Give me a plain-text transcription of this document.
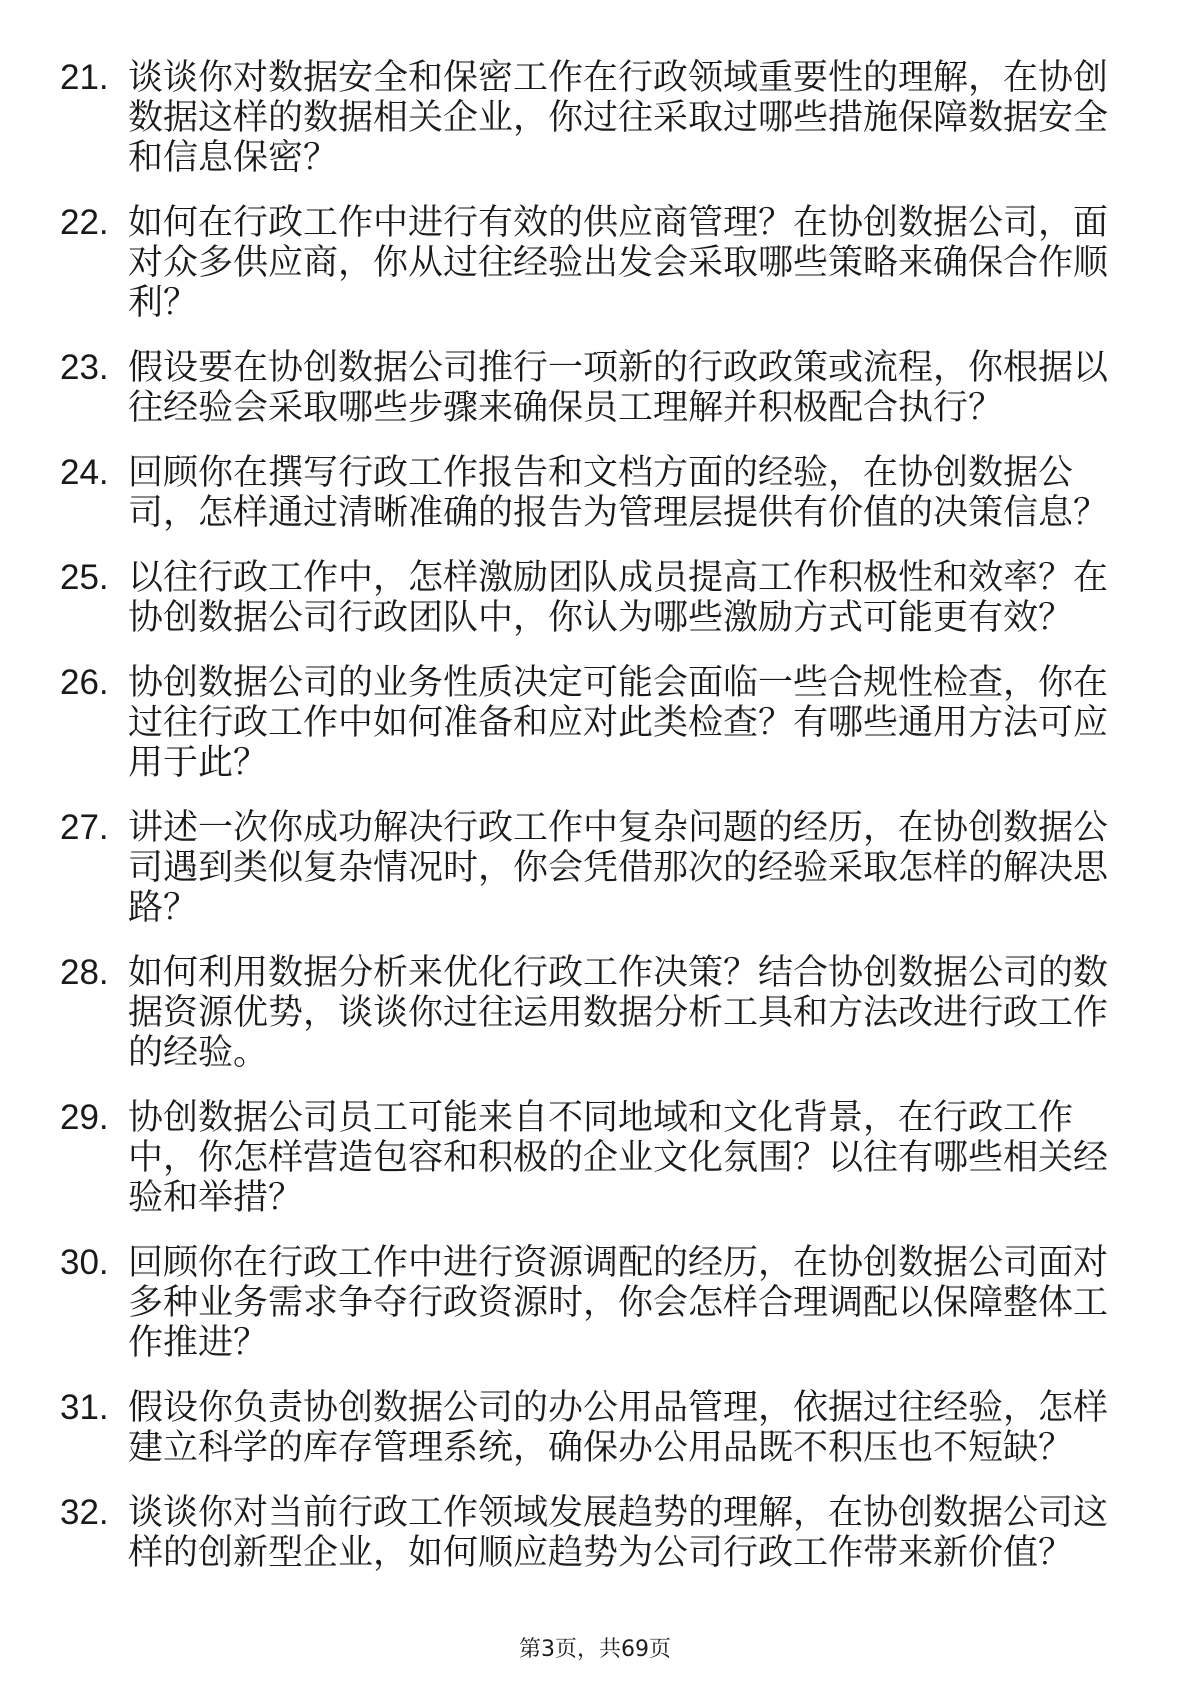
21. 谈谈你对数据安全和保密工作在行政领域重要性的理解，在协创数据这样的数据相关企业，你过往采取过哪些措施保障数据安全和信息保密？
22. 如何在行政工作中进行有效的供应商管理？在协创数据公司，面对众多供应商，你从过往经验出发会采取哪些策略来确保合作顺利？
23. 假设要在协创数据公司推行一项新的行政政策或流程，你根据以往经验会采取哪些步骤来确保员工理解并积极配合执行？
24. 回顾你在撰写行政工作报告和文档方面的经验，在协创数据公司，怎样通过清晰准确的报告为管理层提供有价值的决策信息？
25. 以往行政工作中，怎样激励团队成员提高工作积极性和效率？在协创数据公司行政团队中，你认为哪些激励方式可能更有效？
26. 协创数据公司的业务性质决定可能会面临一些合规性检查，你在过往行政工作中如何准备和应对此类检查？有哪些通用方法可应用于此？
27. 讲述一次你成功解决行政工作中复杂问题的经历，在协创数据公司遇到类似复杂情况时，你会凭借那次的经验采取怎样的解决思路？
28. 如何利用数据分析来优化行政工作决策？结合协创数据公司的数据资源优势，谈谈你过往运用数据分析工具和方法改进行政工作的经验。
29. 协创数据公司员工可能来自不同地域和文化背景，在行政工作中，你怎样营造包容和积极的企业文化氛围？以往有哪些相关经验和举措？
30. 回顾你在行政工作中进行资源调配的经历，在协创数据公司面对多种业务需求争夺行政资源时，你会怎样合理调配以保障整体工作推进？
31. 假设你负责协创数据公司的办公用品管理，依据过往经验，怎样建立科学的库存管理系统，确保办公用品既不积压也不短缺？
32. 谈谈你对当前行政工作领域发展趋势的理解，在协创数据公司这样的创新型企业，如何顺应趋势为公司行政工作带来新价值？
第3页，共69页
